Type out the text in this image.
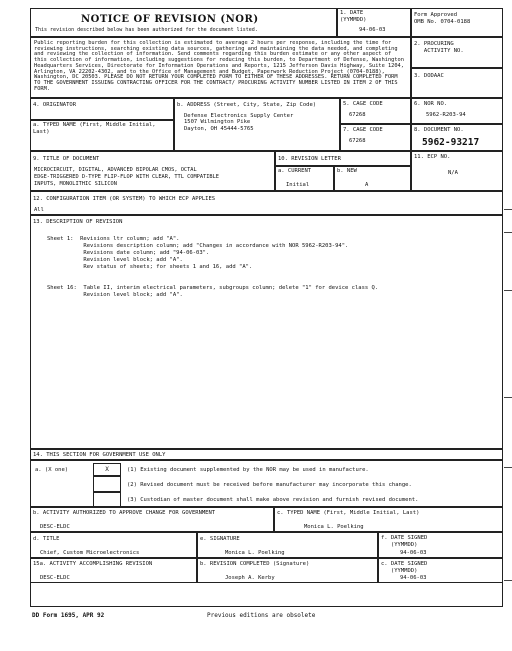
NOTICE OF REVISION (NOR)
This revision described below has been authorized for the document listed.
1. DATE
(YYMMDD)
94-06-03
Form Approved
OMB No. 0704-0188
Public reporting burden for this collection is estimated to average 2 hours per response, including the time for reviewing instructions, searching existing data sources, gathering and maintaining the data needed, and completing and reviewing the collection of information. Send comments regarding this burden estimate or any other aspect of this collection of information, including suggestions for reducing this burden, to Department of Defense, Washington Headquarters Services, Directorate for Information Operations and Reports, 1215 Jefferson Davis Highway, Suite 1204, Arlington, VA 22202-4302, and to the Office of Management and Budget, Paperwork Reduction Project (0704-0188), Washington, DC 20503. PLEASE DO NOT RETURN YOUR COMPLETED FORM TO EITHER OF THESE ADDRESSES. RETURN COMPLETED FORM TO THE GOVERNMENT ISSUING CONTRACTING OFFICER FOR THE CONTRACT/ PROCURING ACTIVITY NUMBER LISTED IN ITEM 2 OF THIS FORM.
2. PROCURING
ACTIVITY NO.
3. DODAAC
4. ORIGINATOR
a. TYPED NAME (First, Middle Initial, Last)
b. ADDRESS (Street, City, State, Zip Code)
Defense Electronics Supply Center
1507 Wilmington Pike
Dayton, OH 45444-5765
5. CAGE CODE
67268
6. NOR NO.
5962-R203-94
7. CAGE CODE
67268
8. DOCUMENT NO.
5962-93217
9. TITLE OF DOCUMENT
MICROCIRCUIT, DIGITAL, ADVANCED BIPOLAR CMOS, OCTAL
EDGE-TRIGGERED D-TYPE FLIP-FLOP WITH CLEAR, TTL COMPATIBLE
INPUTS, MONOLITHIC SILICON
10. REVISION LETTER
a. CURRENT
Initial
b. NEW
A
11. ECP NO.
N/A
12. CONFIGURATION ITEM (OR SYSTEM) TO WHICH ECP APPLIES
All
13. DESCRIPTION OF REVISION
Sheet 1:  Revisions ltr column; add "A".
Revisions description column; add "Changes in accordance with NOR 5962-R203-94".
Revisions date column; add "94-06-03".
Revision level block; add "A".
Rev status of sheets; for sheets 1 and 16, add "A".
Sheet 16:  Table II, interim electrical parameters, subgroups column; delete "1" for device class Q.
Revision level block; add "A".
14. THIS SECTION FOR GOVERNMENT USE ONLY
a. (X one)	X	(1) Existing document supplemented by the NOR may be used in manufacture.
(2) Revised document must be received before manufacturer may incorporate this change.
(3) Custodian of master document shall make above revision and furnish revised document.
b. ACTIVITY AUTHORIZED TO APPROVE CHANGE FOR GOVERNMENT
DESC-ELDC
c. TYPED NAME (First, Middle Initial, Last)
Monica L. Poelking
d. TITLE
Chief, Custom Microelectronics
e. SIGNATURE
Monica L. Poelking
f. DATE SIGNED
(YYMMDD)
94-06-03
15a. ACTIVITY ACCOMPLISHING REVISION
DESC-ELDC
b. REVISION COMPLETED (Signature)
Joseph A. Kerby
c. DATE SIGNED
(YYMMDD)
94-06-03
DD Form 1695, APR 92	Previous editions are obsolete
